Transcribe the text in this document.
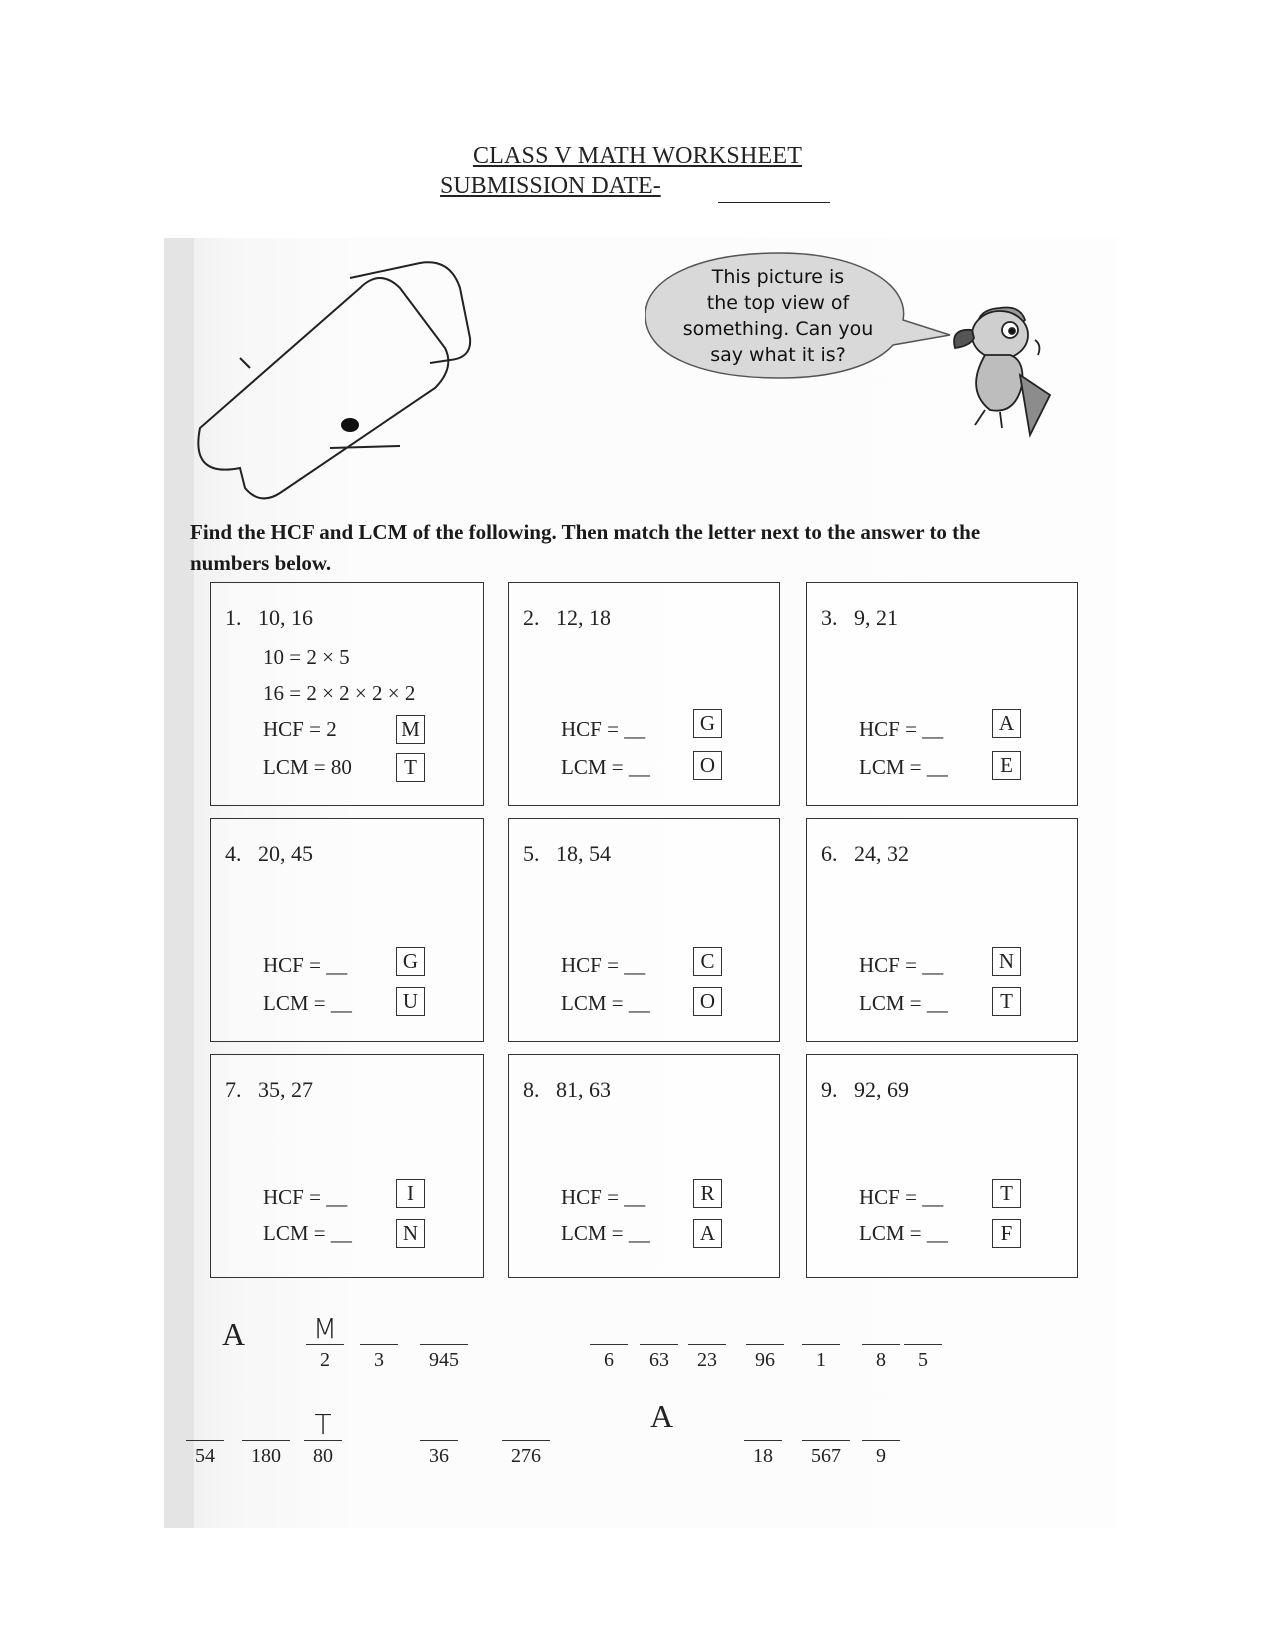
CLASS V MATH WORKSHEET
SUBMISSION DATE-
This picture is
the top view of
something. Can you
say what it is?
Find the HCF and LCM of the following. Then match the letter next to the answer to the
numbers below.
1. 10, 16
10 = 2 × 5
16 = 2 × 2 × 2 × 2
HCF = 2
LCM = 80
M
T
2. 12, 18
HCF = __
LCM = __
G
O
3. 9, 21
HCF = __
LCM = __
A
E
4. 20, 45
HCF = __
LCM = __
G
U
5. 18, 54
HCF = __
LCM = __
C
O
6. 24, 32
HCF = __
LCM = __
N
T
7. 35, 27
HCF = __
LCM = __
I
N
8. 81, 63
HCF = __
LCM = __
R
A
9. 92, 69
HCF = __
LCM = __
T
F
A	M
2	3	945	6	63	23	96	1	8	5
54	180
T
80	36	276
A
18	567	9
